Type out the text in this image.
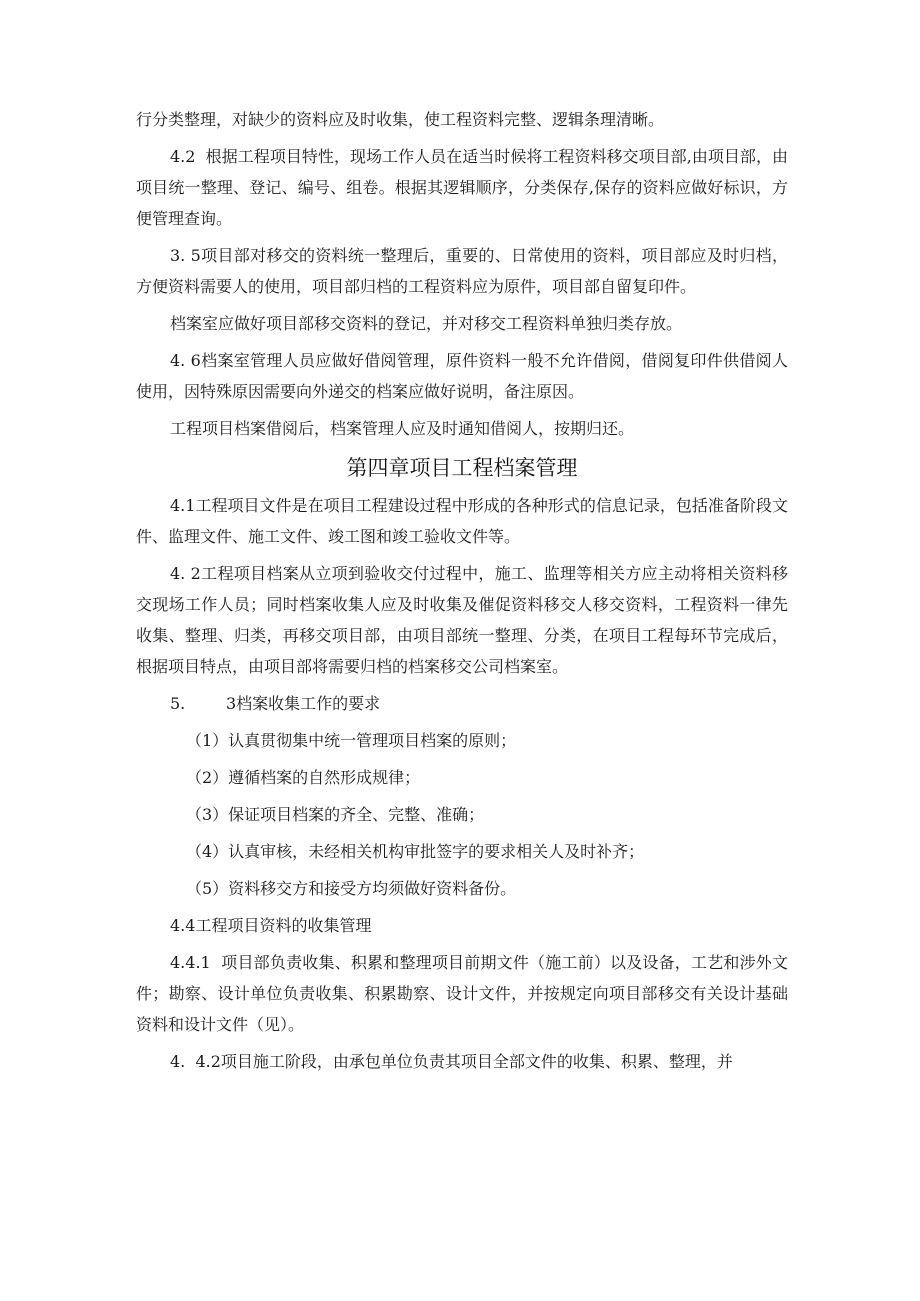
行分类整理，对缺少的资料应及时收集，使工程资料完整、逻辑条理清晰。

4.2  根据工程项目特性，现场工作人员在适当时候将工程资料移交项目部,由项目部，由项目统一整理、登记、编号、组卷。根据其逻辑顺序，分类保存,保存的资料应做好标识，方便管理查询。

3. 5项目部对移交的资料统一整理后，重要的、日常使用的资料，项目部应及时归档，方便资料需要人的使用，项目部归档的工程资料应为原件，项目部自留复印件。

档案室应做好项目部移交资料的登记，并对移交工程资料单独归类存放。

4. 6档案室管理人员应做好借阅管理，原件资料一般不允许借阅，借阅复印件供借阅人使用，因特殊原因需要向外递交的档案应做好说明，备注原因。

工程项目档案借阅后，档案管理人应及时通知借阅人，按期归还。

第四章项目工程档案管理

4.1工程项目文件是在项目工程建设过程中形成的各种形式的信息记录，包括准备阶段文件、监理文件、施工文件、竣工图和竣工验收文件等。

4. 2工程项目档案从立项到验收交付过程中，施工、监理等相关方应主动将相关资料移交现场工作人员；同时档案收集人应及时收集及催促资料移交人移交资料，工程资料一律先收集、整理、归类，再移交项目部，由项目部统一整理、分类，在项目工程每环节完成后，根据项目特点，由项目部将需要归档的档案移交公司档案室。

5.        3档案收集工作的要求
（1）认真贯彻集中统一管理项目档案的原则；
（2）遵循档案的自然形成规律；
（3）保证项目档案的齐全、完整、准确；
（4）认真审核，未经相关机构审批签字的要求相关人及时补齐；
（5）资料移交方和接受方均须做好资料备份。

4.4工程项目资料的收集管理

4.4.1  项目部负责收集、积累和整理项目前期文件（施工前）以及设备，工艺和涉外文件；勘察、设计单位负责收集、积累勘察、设计文件，并按规定向项目部移交有关设计基础资料和设计文件（见）。

4.  4.2项目施工阶段，由承包单位负责其项目全部文件的收集、积累、整理，并
